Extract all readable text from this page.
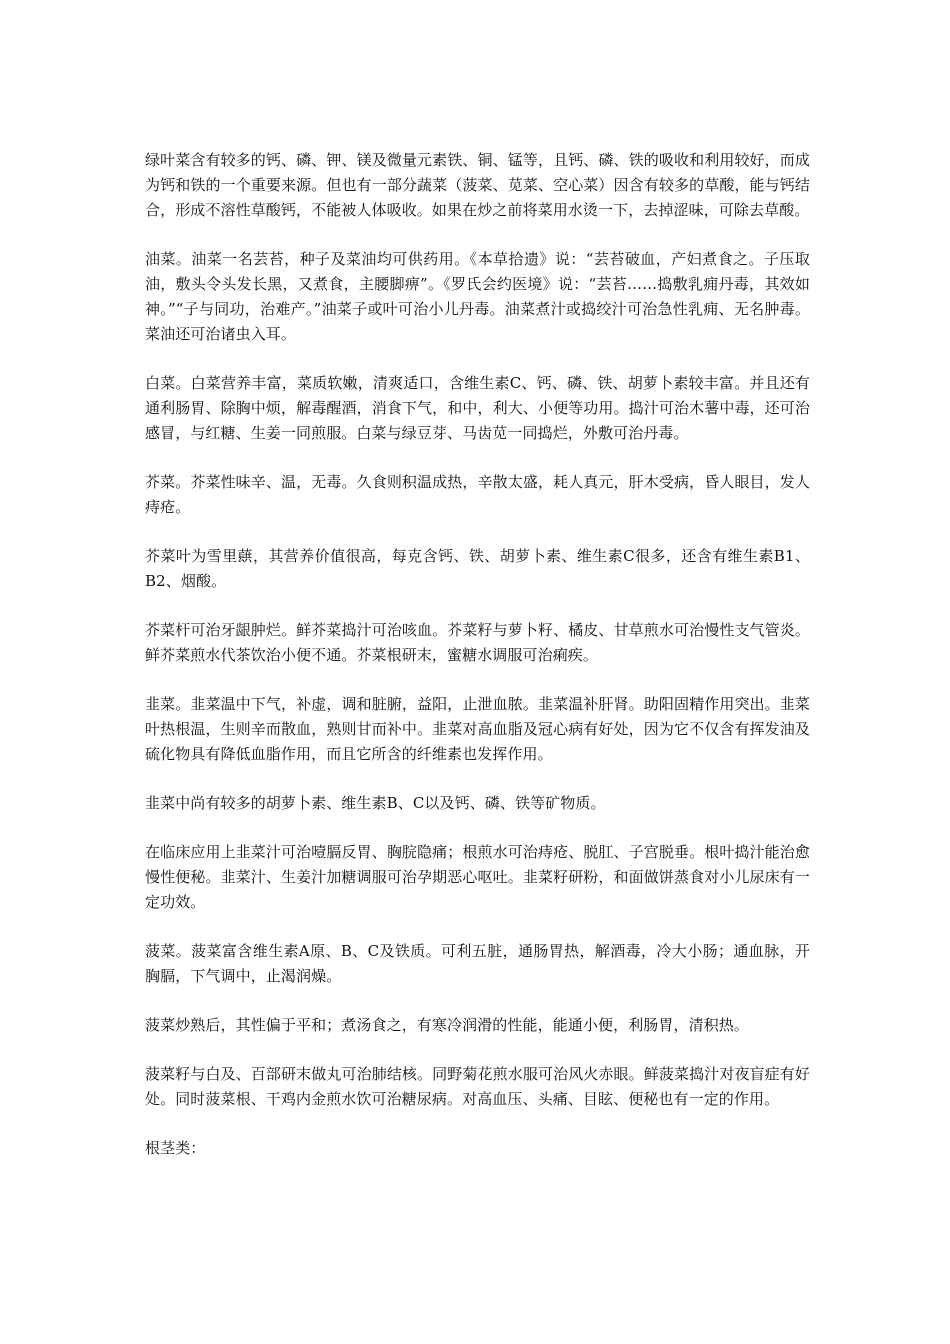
绿叶菜含有较多的钙、磷、钾、镁及微量元素铁、铜、锰等，且钙、磷、铁的吸收和利用较好，而成为钙和铁的一个重要来源。但也有一部分蔬菜（菠菜、苋菜、空心菜）因含有较多的草酸，能与钙结合，形成不溶性草酸钙，不能被人体吸收。如果在炒之前将菜用水烫一下，去掉涩味，可除去草酸。

油菜。油菜一名芸苔，种子及菜油均可供药用。《本草拾遗》说：“芸苔破血，产妇煮食之。子压取油，敷头令头发长黑，又煮食，主腰脚痹”。《罗氏会约医境》说：“芸苔……捣敷乳痈丹毒，其效如神。”“子与同功，治难产。”油菜子或叶可治小儿丹毒。油菜煮汁或捣绞汁可治急性乳痈、无名肿毒。菜油还可治诸虫入耳。

白菜。白菜营养丰富，菜质软嫩，清爽适口，含维生素C、钙、磷、铁、胡萝卜素较丰富。并且还有通利肠胃、除胸中烦，解毒醒酒，消食下气，和中，利大、小便等功用。捣汁可治木薯中毒，还可治感冒，与红糖、生姜一同煎服。白菜与绿豆芽、马齿苋一同捣烂，外敷可治丹毒。

芥菜。芥菜性味辛、温，无毒。久食则积温成热，辛散太盛，耗人真元，肝木受病，昏人眼目，发人痔疮。

芥菜叶为雪里蕻，其营养价值很高，每克含钙、铁、胡萝卜素、维生素C很多，还含有维生素B1、B2、烟酸。

芥菜杆可治牙龈肿烂。鲜芥菜捣汁可治咳血。芥菜籽与萝卜籽、橘皮、甘草煎水可治慢性支气管炎。鲜芥菜煎水代茶饮治小便不通。芥菜根研末，蜜糖水调服可治痢疾。

韭菜。韭菜温中下气，补虚，调和脏腑，益阳，止泄血脓。韭菜温补肝肾。助阳固精作用突出。韭菜叶热根温，生则辛而散血，熟则甘而补中。韭菜对高血脂及冠心病有好处，因为它不仅含有挥发油及硫化物具有降低血脂作用，而且它所含的纤维素也发挥作用。

韭菜中尚有较多的胡萝卜素、维生素B、C以及钙、磷、铁等矿物质。

在临床应用上韭菜汁可治噎膈反胃、胸脘隐痛；根煎水可治痔疮、脱肛、子宫脱垂。根叶捣汁能治愈慢性便秘。韭菜汁、生姜汁加糖调服可治孕期恶心呕吐。韭菜籽研粉，和面做饼蒸食对小儿尿床有一定功效。

菠菜。菠菜富含维生素A原、B、C及铁质。可利五脏，通肠胃热，解酒毒，冷大小肠；通血脉，开胸膈，下气调中，止渴润燥。

菠菜炒熟后，其性偏于平和；煮汤食之，有寒冷润滑的性能，能通小便，利肠胃，清积热。

菠菜籽与白及、百部研末做丸可治肺结核。同野菊花煎水服可治风火赤眼。鲜菠菜捣汁对夜盲症有好处。同时菠菜根、干鸡内金煎水饮可治糖尿病。对高血压、头痛、目眩、便秘也有一定的作用。

根茎类：
